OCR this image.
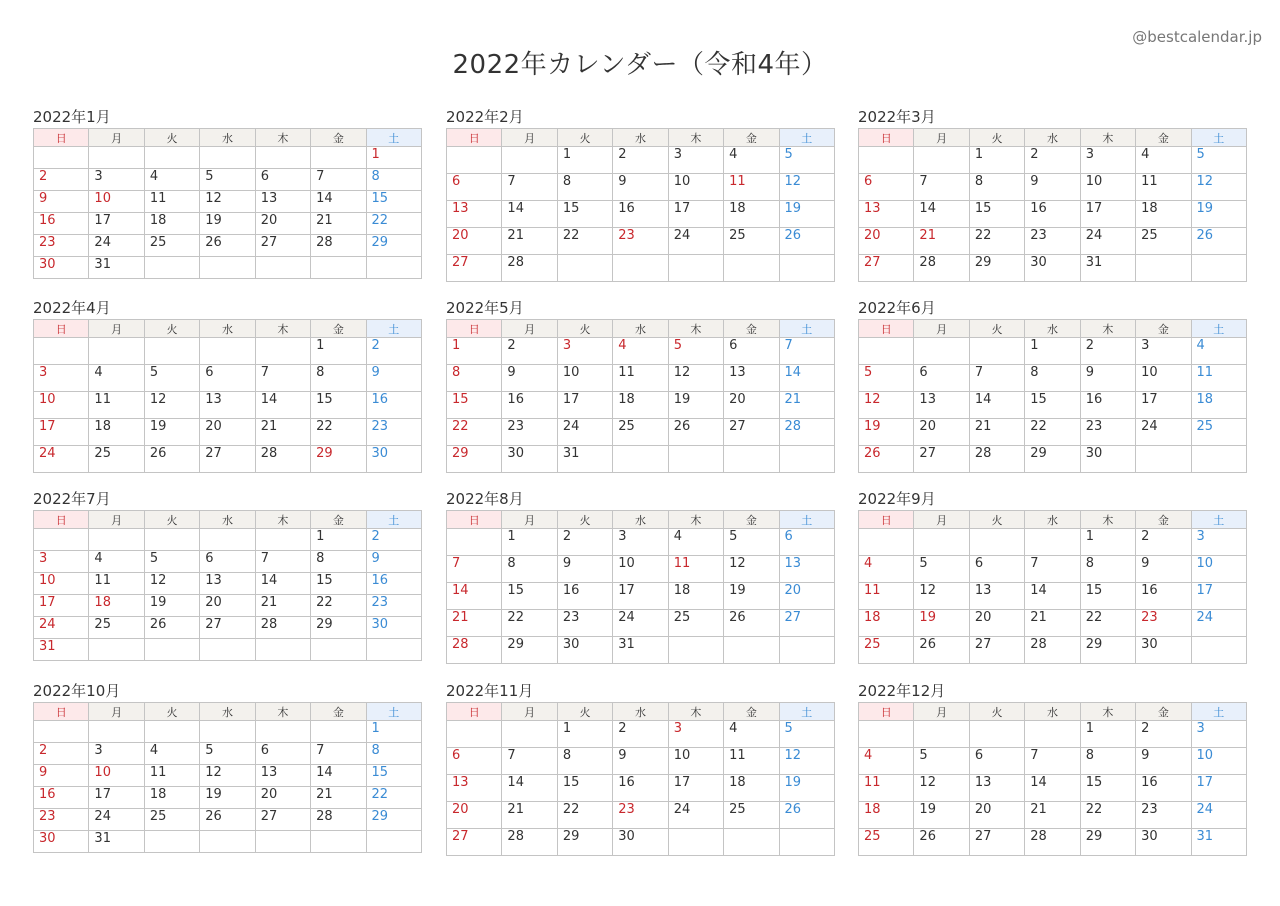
2022年カレンダー（令和4年）
@bestcalendar.jp
2022年1月
日	月	火	水	木	金	土
						1
2	3	4	5	6	7	8
9	10	11	12	13	14	15
16	17	18	19	20	21	22
23	24	25	26	27	28	29
30	31					
2022年2月
日	月	火	水	木	金	土
		1	2	3	4	5
6	7	8	9	10	11	12
13	14	15	16	17	18	19
20	21	22	23	24	25	26
27	28					
2022年3月
日	月	火	水	木	金	土
		1	2	3	4	5
6	7	8	9	10	11	12
13	14	15	16	17	18	19
20	21	22	23	24	25	26
27	28	29	30	31		
2022年4月
日	月	火	水	木	金	土
					1	2
3	4	5	6	7	8	9
10	11	12	13	14	15	16
17	18	19	20	21	22	23
24	25	26	27	28	29	30
2022年5月
日	月	火	水	木	金	土
1	2	3	4	5	6	7
8	9	10	11	12	13	14
15	16	17	18	19	20	21
22	23	24	25	26	27	28
29	30	31				
2022年6月
日	月	火	水	木	金	土
			1	2	3	4
5	6	7	8	9	10	11
12	13	14	15	16	17	18
19	20	21	22	23	24	25
26	27	28	29	30		
2022年7月
日	月	火	水	木	金	土
					1	2
3	4	5	6	7	8	9
10	11	12	13	14	15	16
17	18	19	20	21	22	23
24	25	26	27	28	29	30
31						
2022年8月
日	月	火	水	木	金	土
	1	2	3	4	5	6
7	8	9	10	11	12	13
14	15	16	17	18	19	20
21	22	23	24	25	26	27
28	29	30	31			
2022年9月
日	月	火	水	木	金	土
				1	2	3
4	5	6	7	8	9	10
11	12	13	14	15	16	17
18	19	20	21	22	23	24
25	26	27	28	29	30	
2022年10月
日	月	火	水	木	金	土
						1
2	3	4	5	6	7	8
9	10	11	12	13	14	15
16	17	18	19	20	21	22
23	24	25	26	27	28	29
30	31					
2022年11月
日	月	火	水	木	金	土
		1	2	3	4	5
6	7	8	9	10	11	12
13	14	15	16	17	18	19
20	21	22	23	24	25	26
27	28	29	30			
2022年12月
日	月	火	水	木	金	土
				1	2	3
4	5	6	7	8	9	10
11	12	13	14	15	16	17
18	19	20	21	22	23	24
25	26	27	28	29	30	31
